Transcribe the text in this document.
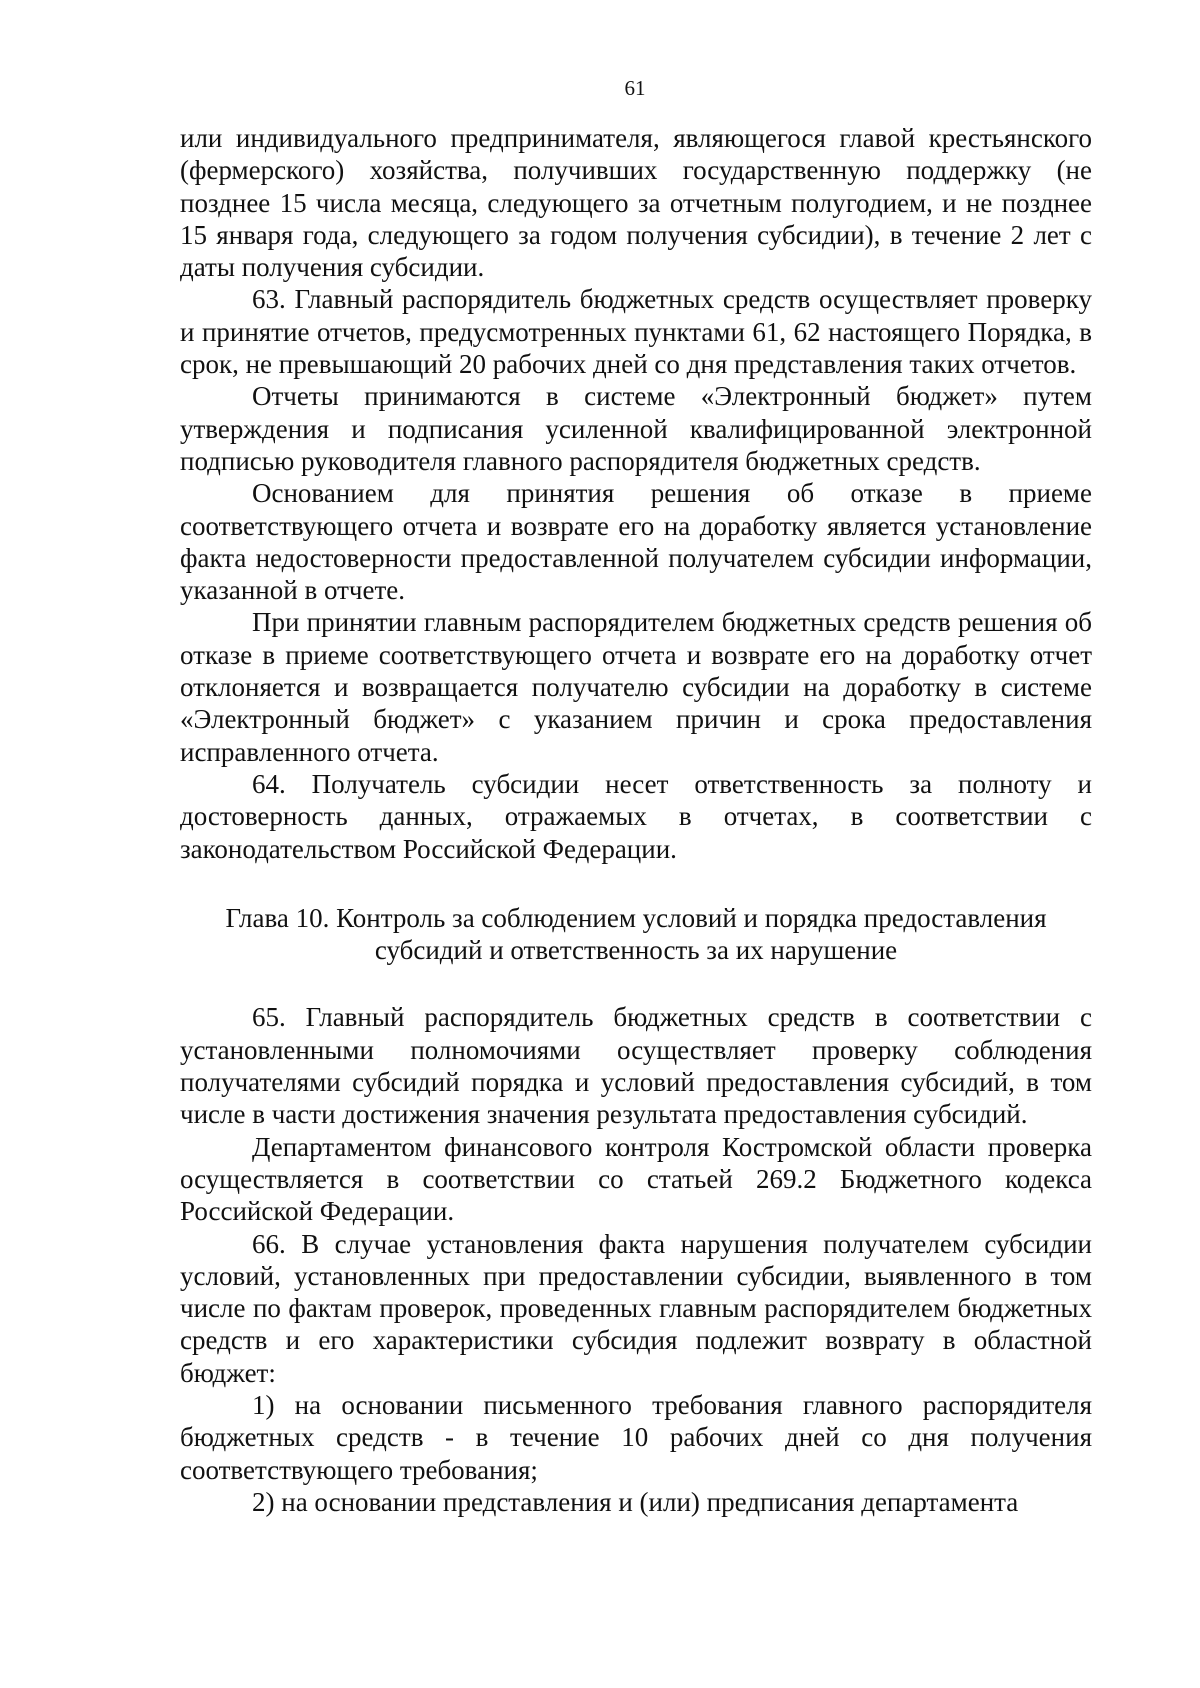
61

или индивидуального предпринимателя, являющегося главой крестьянского (фермерского) хозяйства, получивших государственную поддержку (не позднее 15 числа месяца, следующего за отчетным полугодием, и не позднее 15 января года, следующего за годом получения субсидии), в течение 2 лет с даты получения субсидии.

63. Главный распорядитель бюджетных средств осуществляет проверку и принятие отчетов, предусмотренных пунктами 61, 62 настоящего Порядка, в срок, не превышающий 20 рабочих дней со дня представления таких отчетов.

Отчеты принимаются в системе «Электронный бюджет» путем утверждения и подписания усиленной квалифицированной электронной подписью руководителя главного распорядителя бюджетных средств.

Основанием для принятия решения об отказе в приеме соответствующего отчета и возврате его на доработку является установление факта недостоверности предоставленной получателем субсидии информации, указанной в отчете.

При принятии главным распорядителем бюджетных средств решения об отказе в приеме соответствующего отчета и возврате его на доработку отчет отклоняется и возвращается получателю субсидии на доработку в системе «Электронный бюджет» с указанием причин и срока предоставления исправленного отчета.

64. Получатель субсидии несет ответственность за полноту и достоверность данных, отражаемых в отчетах, в соответствии с законодательством Российской Федерации.

Глава 10. Контроль за соблюдением условий и порядка предоставления
субсидий и ответственность за их нарушение

65. Главный распорядитель бюджетных средств в соответствии с установленными полномочиями осуществляет проверку соблюдения получателями субсидий порядка и условий предоставления субсидий, в том числе в части достижения значения результата предоставления субсидий.

Департаментом финансового контроля Костромской области проверка осуществляется в соответствии со статьей 269.2 Бюджетного кодекса Российской Федерации.

66. В случае установления факта нарушения получателем субсидии условий, установленных при предоставлении субсидии, выявленного в том числе по фактам проверок, проведенных главным распорядителем бюджетных средств и его характеристики субсидия подлежит возврату в областной бюджет:

1) на основании письменного требования главного распорядителя бюджетных средств - в течение 10 рабочих дней со дня получения соответствующего требования;

2) на основании представления и (или) предписания департамента
